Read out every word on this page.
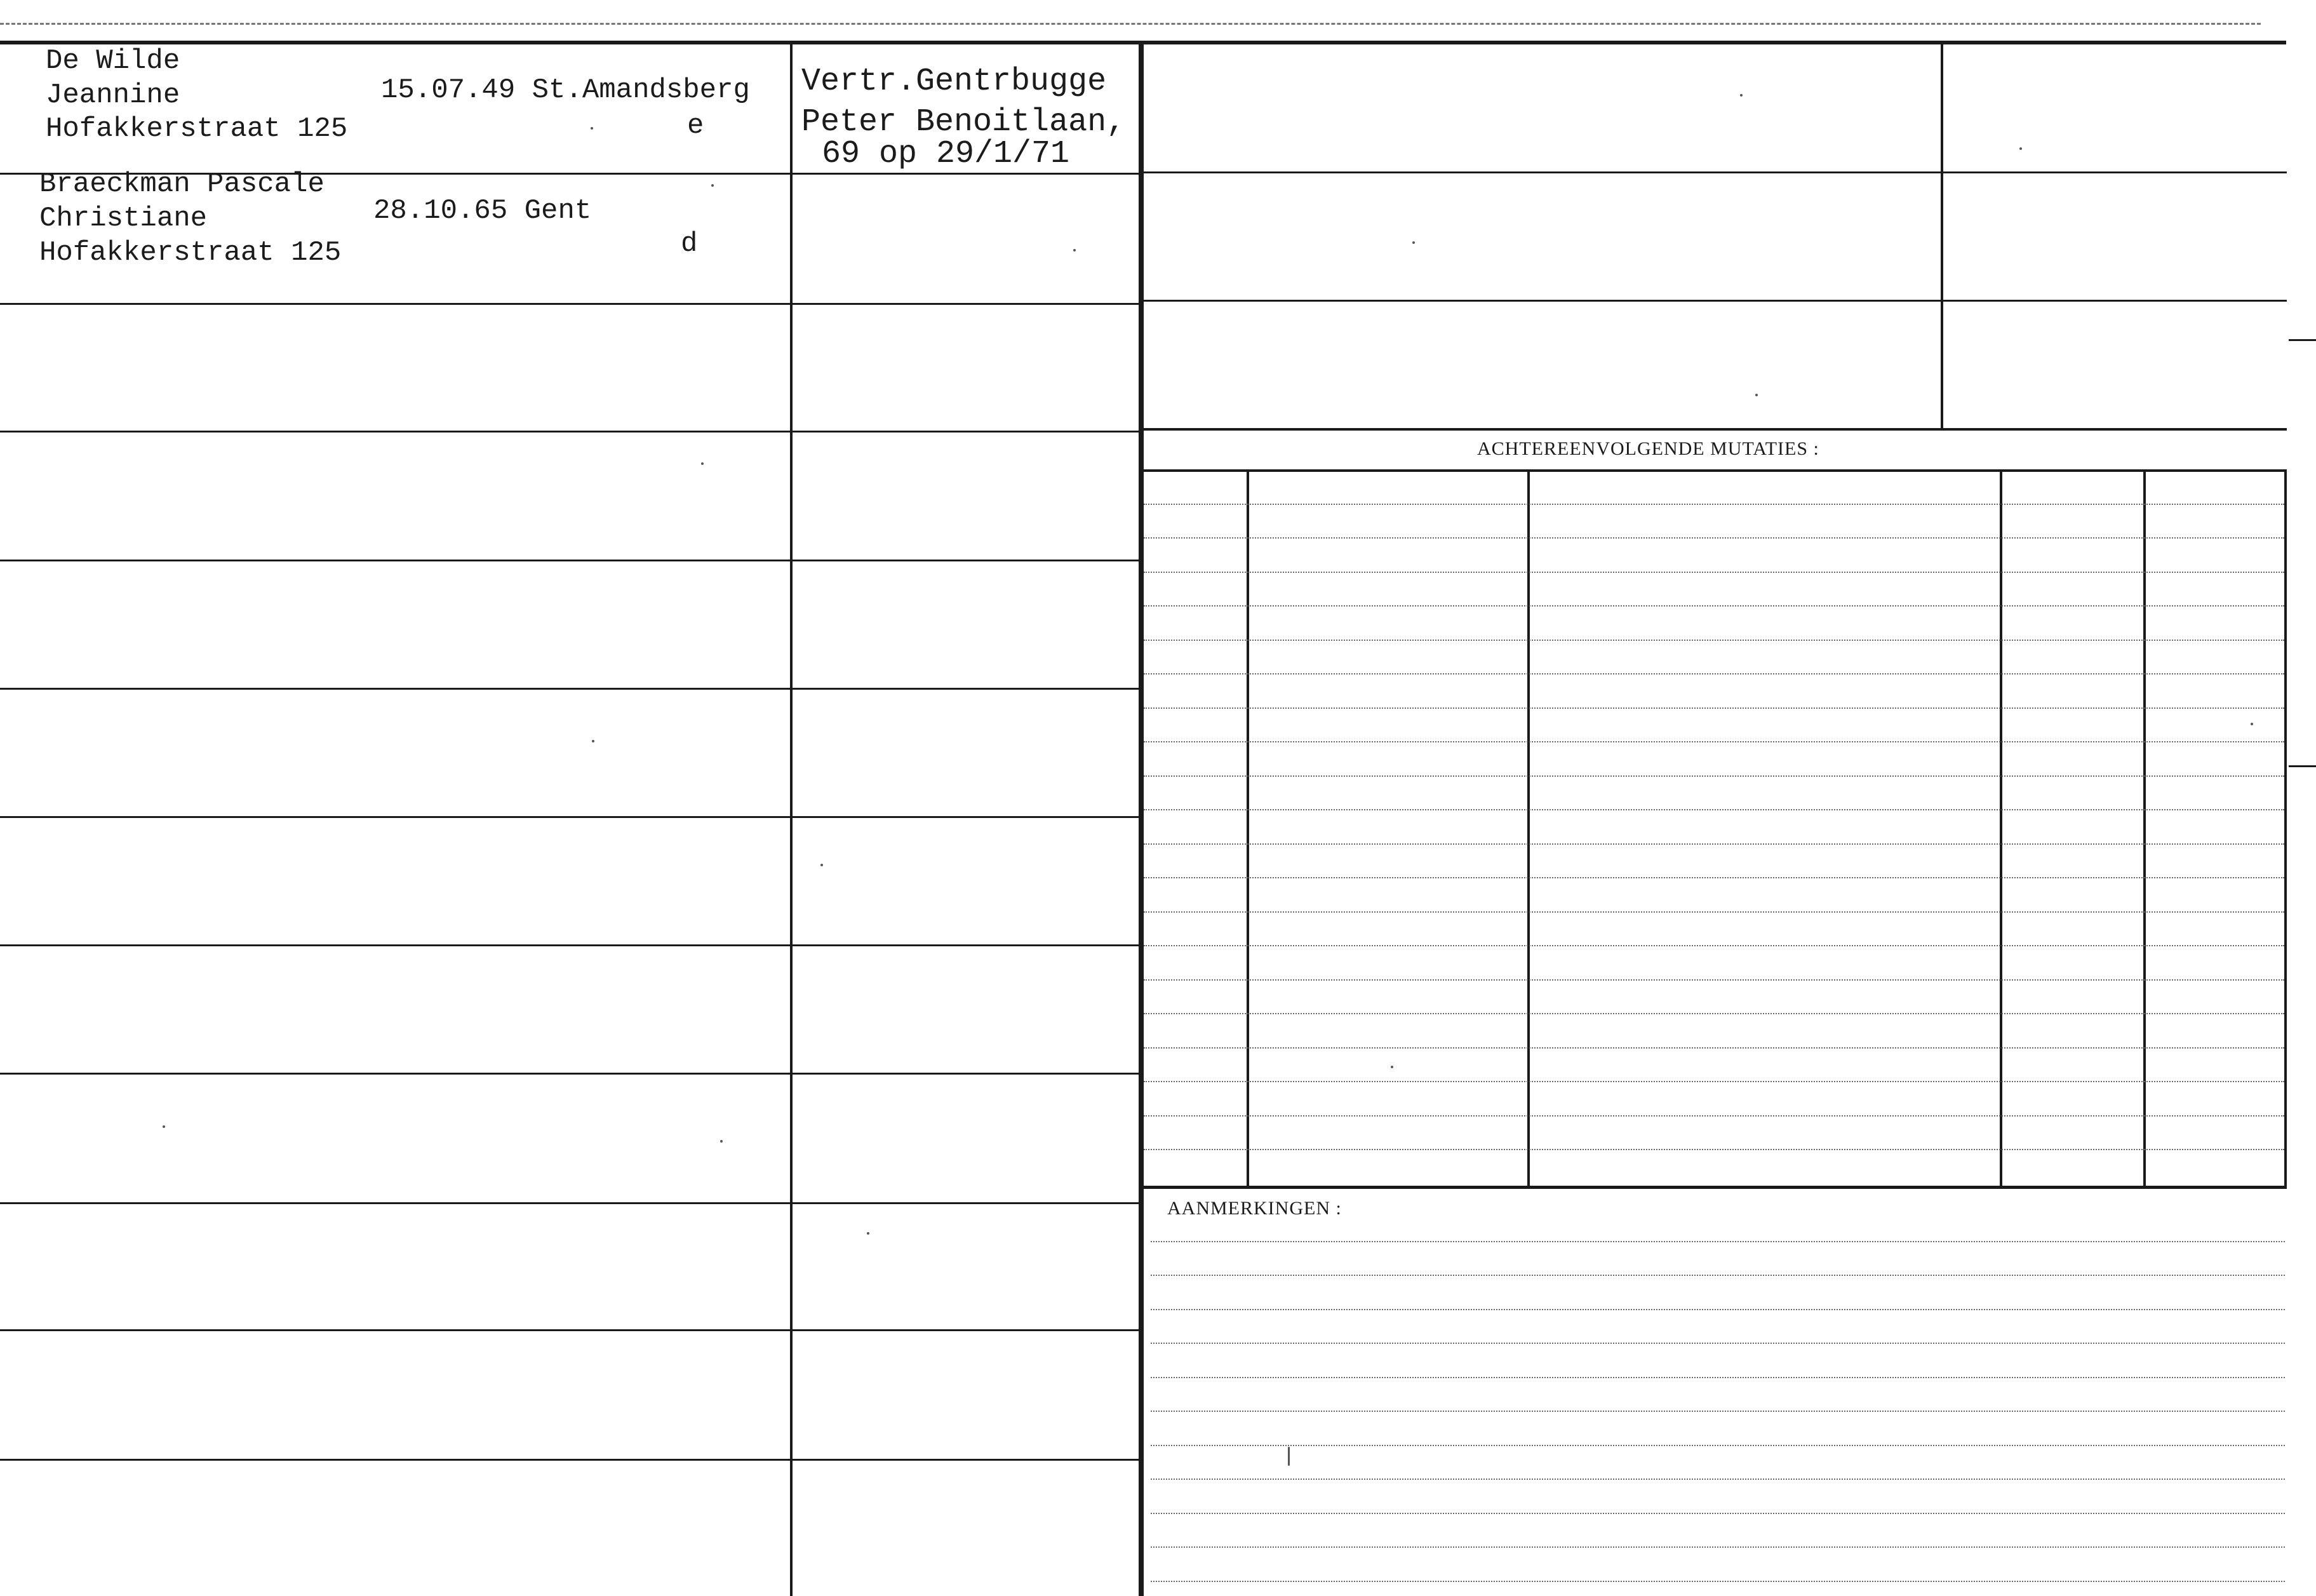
De Wilde
Jeannine
Hofakkerstraat 125
15.07.49 St.Amandsberg
e
Vertr.Gentrbugge
Peter Benoitlaan,
69 op 29/1/71
Braeckman Pascale
Christiane
Hofakkerstraat 125
28.10.65 Gent
d
ACHTEREENVOLGENDE MUTATIES :
AANMERKINGEN :
